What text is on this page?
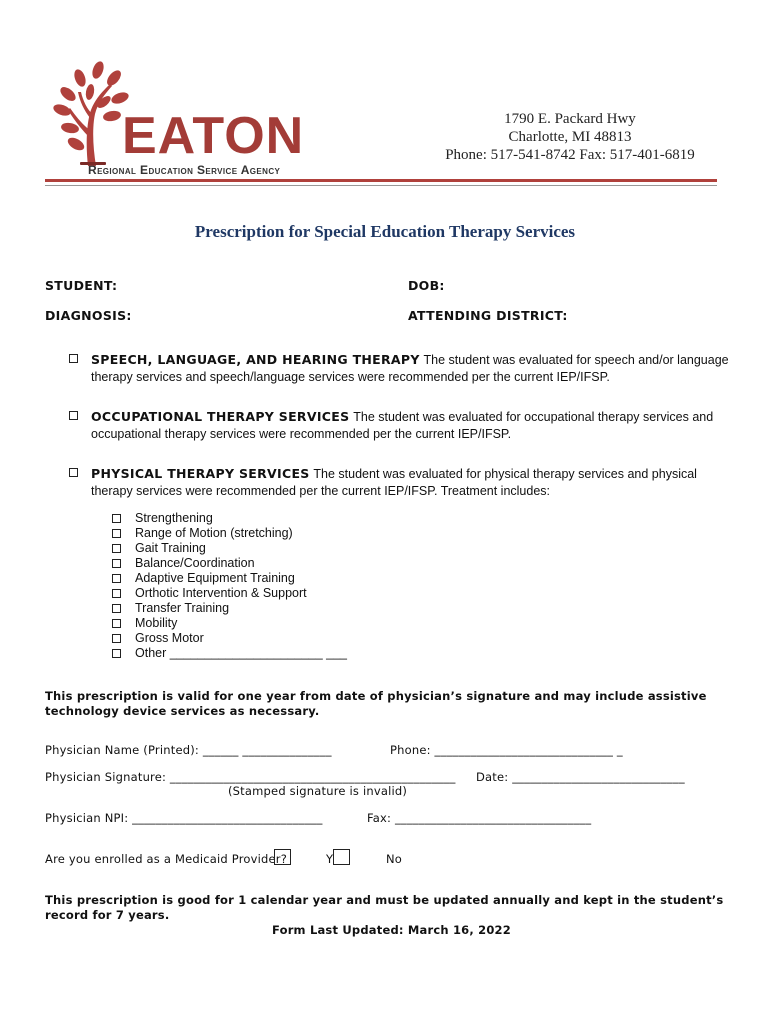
EATON
Regional Education Service Agency
1790 E. Packard Hwy
Charlotte, MI 48813
Phone: 517-541-8742 Fax: 517-401-6819
Prescription for Special Education Therapy Services
STUDENT:	DOB:
DIAGNOSIS:	ATTENDING DISTRICT:
SPEECH, LANGUAGE, AND HEARING THERAPY The student was evaluated for speech and/or language
therapy services and speech/language services were recommended per the current IEP/IFSP.
OCCUPATIONAL THERAPY SERVICES The student was evaluated for occupational therapy services and
occupational therapy services were recommended per the current IEP/IFSP.
PHYSICAL THERAPY SERVICES The student was evaluated for physical therapy services and physical
therapy services were recommended per the current IEP/IFSP. Treatment includes:
Strengthening
Range of Motion (stretching)
Gait Training
Balance/Coordination
Adaptive Equipment Training
Orthotic Intervention & Support
Transfer Training
Mobility
Gross Motor
Other ______________________ ___
This prescription is valid for one year from date of physician’s signature and may include assistive
technology device services as necessary.
Physician Name (Printed): ______ _______________	Phone: ______________________________ _
Physician Signature: ________________________________________________ Date: _____________________________
(Stamped signature is invalid)
Physician NPI: ________________________________	Fax: _________________________________
Are you enrolled as a Medicaid Provider?	Y	No
This prescription is good for 1 calendar year and must be updated annually and kept in the student’s
record for 7 years.
Form Last Updated: March 16, 2022
